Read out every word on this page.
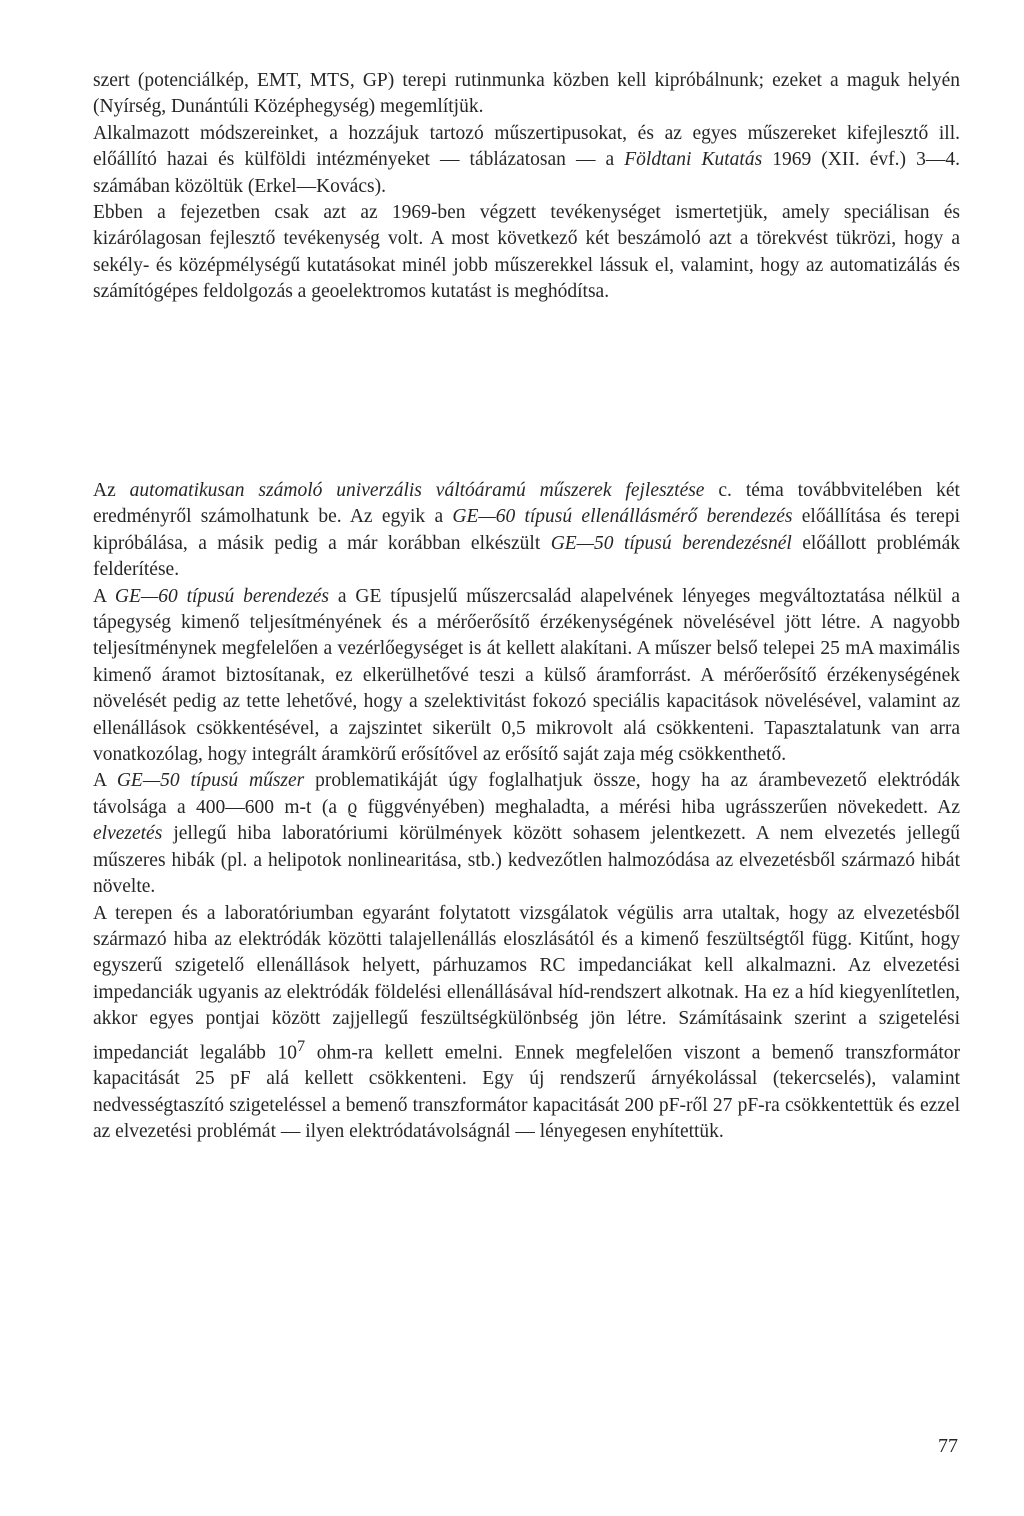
szert (potenciálkép, EMT, MTS, GP) terepi rutinmunka közben kell kipróbálnunk; ezeket a maguk helyén (Nyírség, Dunántúli Középhegység) megemlítjük.

Alkalmazott módszereinket, a hozzájuk tartozó műszertipusokat, és az egyes műszereket kifejlesztő ill. előállító hazai és külföldi intézményeket — táblázatosan — a Földtani Kutatás 1969 (XII. évf.) 3—4. számában közöltük (Erkel—Kovács).

Ebben a fejezetben csak azt az 1969-ben végzett tevékenységet ismertetjük, amely speciálisan és kizárólagosan fejlesztő tevékenység volt. A most következő két beszámoló azt a törekvést tükrözi, hogy a sekély- és középmélységű kutatásokat minél jobb műszerekkel lássuk el, valamint, hogy az automatizálás és számítógépes feldolgozás a geoelektromos kutatást is meghódítsa.

Az automatikusan számoló univerzális váltóáramú műszerek fejlesztése c. téma továbbvitelében két eredményről számolhatunk be. Az egyik a GE—60 típusú ellenállásmérő berendezés előállítása és terepi kipróbálása, a másik pedig a már korábban elkészült GE—50 típusú berendezésnél előállott problémák felderítése.

A GE—60 típusú berendezés a GE típusjelű műszercsalád alapelvének lényeges megváltoztatása nélkül a tápegység kimenő teljesítményének és a mérőerősítő érzékenységének növelésével jött létre. A nagyobb teljesítménynek megfelelően a vezérlőegységet is át kellett alakítani. A műszer belső telepei 25 mA maximális kimenő áramot biztosítanak, ez elkerülhetővé teszi a külső áramforrást. A mérőerősítő érzékenységének növelését pedig az tette lehetővé, hogy a szelektivitást fokozó speciális kapacitások növelésével, valamint az ellenállások csökkentésével, a zajszintet sikerült 0,5 mikrovolt alá csökkenteni. Tapasztalatunk van arra vonatkozólag, hogy integrált áramkörű erősítővel az erősítő saját zaja még csökkenthető.

A GE—50 típusú műszer problematikáját úgy foglalhatjuk össze, hogy ha az árambevezető elektródák távolsága a 400—600 m-t (a ϱ függvényében) meghaladta, a mérési hiba ugrásszerűen növekedett. Az elvezetés jellegű hiba laboratóriumi körülmények között sohasem jelentkezett. A nem elvezetés jellegű műszeres hibák (pl. a helipotok nonlinearitása, stb.) kedvezőtlen halmozódása az elvezetésből származó hibát növelte.

A terepen és a laboratóriumban egyaránt folytatott vizsgálatok végülis arra utaltak, hogy az elvezetésből származó hiba az elektródák közötti talajellenállás eloszlásától és a kimenő feszültségtől függ. Kitűnt, hogy egyszerű szigetelő ellenállások helyett, párhuzamos RC impedanciákat kell alkalmazni. Az elvezetési impedanciák ugyanis az elektródák földelési ellenállásával híd-rendszert alkotnak. Ha ez a híd kiegyenlítetlen, akkor egyes pontjai között zajjellegű feszültségkülönbség jön létre. Számításaink szerint a szigetelési impedanciát legalább $10^7$ ohm-ra kellett emelni. Ennek megfelelően viszont a bemenő transzformátor kapacitását 25 pF alá kellett csökkenteni. Egy új rendszerű árnyékolással (tekercselés), valamint nedvességtaszító szigeteléssel a bemenő transzformátor kapacitását 200 pF-ről 27 pF-ra csökkentettük és ezzel az elvezetési problémát — ilyen elektródatávolságnál — lényegesen enyhítettük.

77
